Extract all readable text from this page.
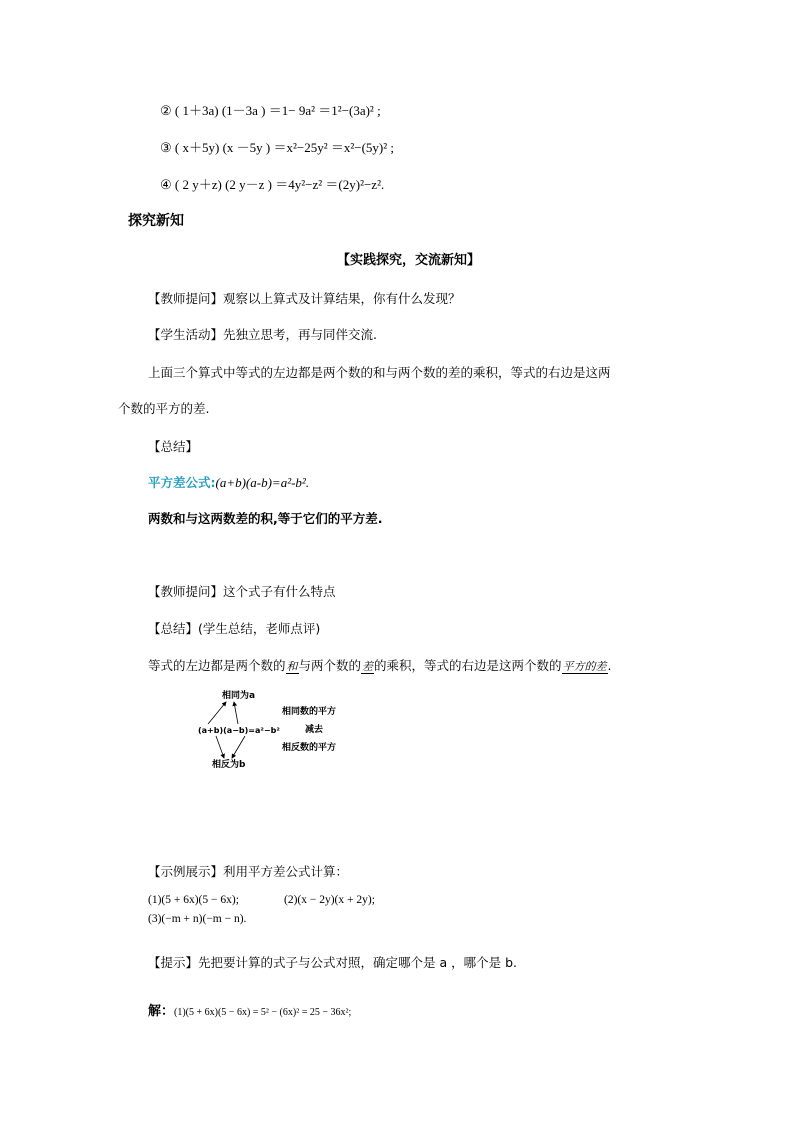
② ( 1＋3a) (1－3a ) ＝1− 9a² ＝1²−(3a)² ;
③ ( x＋5y) (x －5y ) ＝x²−25y² ＝x²−(5y)² ;
④ ( 2 y＋z) (2 y－z ) ＝4y²−z² ＝(2y)²−z².
探究新知
【实践探究，交流新知】
【教师提问】观察以上算式及计算结果，你有什么发现？
【学生活动】先独立思考，再与同伴交流.
上面三个算式中等式的左边都是两个数的和与两个数的差的乘积，等式的右边是这两
个数的平方的差.
【总结】
平方差公式:(a+b)(a-b)=a²-b².
两数和与这两数差的积,等于它们的平方差.
【教师提问】这个式子有什么特点
【总结】(学生总结，老师点评)
等式的左边都是两个数的和与两个数的差的乘积，等式的右边是这两个数的平方的差.
相同为a
(a+b)(a−b)=a²−b²
相反为b
相同数的平方
减去
相反数的平方
【示例展示】利用平方差公式计算：
(1)(5 + 6x)(5 − 6x);	(2)(x − 2y)(x + 2y);
(3)(−m + n)(−m − n).
【提示】先把要计算的式子与公式对照，确定哪个是 a ，哪个是 b.
解：(1)(5 + 6x)(5 − 6x) = 5² − (6x)² = 25 − 36x²;
